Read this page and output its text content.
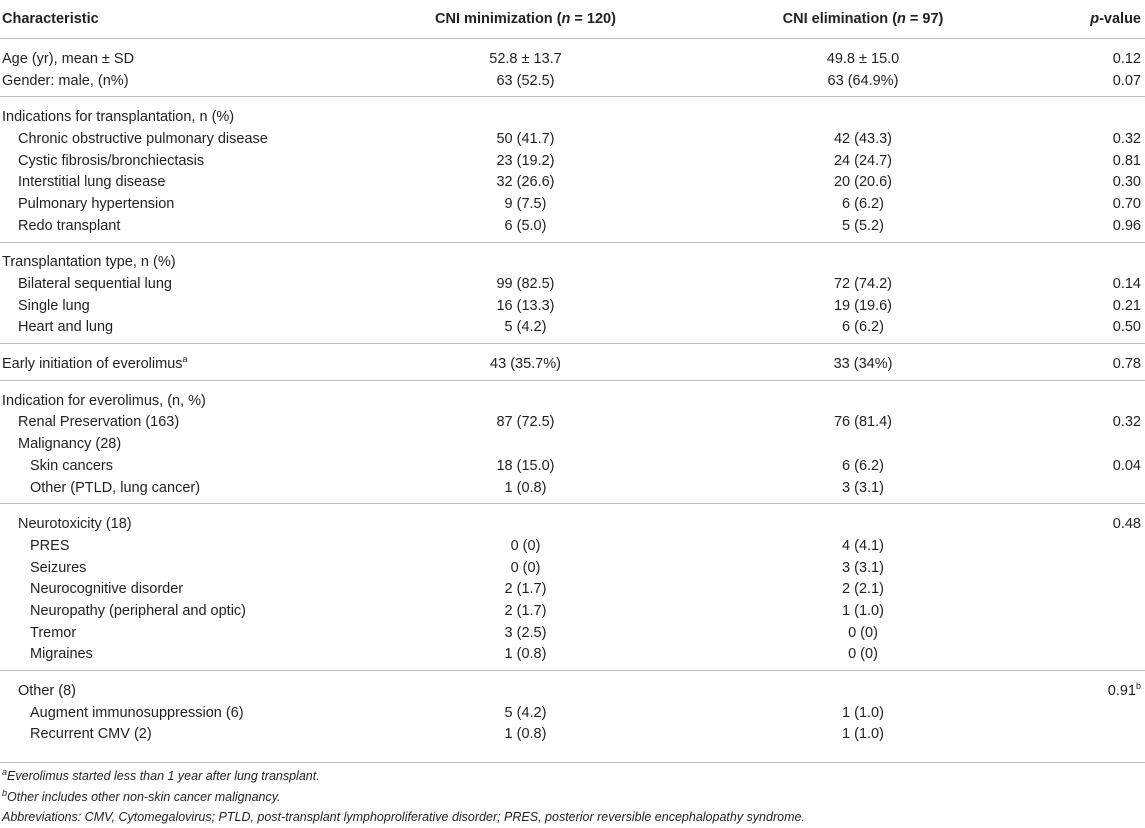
Characteristic	CNI minimization (n = 120)	CNI elimination (n = 97)	p-value
Age (yr), mean ± SD	52.8 ± 13.7	49.8 ± 15.0	0.12
Gender: male, (n%)	63 (52.5)	63 (64.9%)	0.07
Indications for transplantation, n (%)			
Chronic obstructive pulmonary disease	50 (41.7)	42 (43.3)	0.32
Cystic fibrosis/bronchiectasis	23 (19.2)	24 (24.7)	0.81
Interstitial lung disease	32 (26.6)	20 (20.6)	0.30
Pulmonary hypertension	9 (7.5)	6 (6.2)	0.70
Redo transplant	6 (5.0)	5 (5.2)	0.96
Transplantation type, n (%)			
Bilateral sequential lung	99 (82.5)	72 (74.2)	0.14
Single lung	16 (13.3)	19 (19.6)	0.21
Heart and lung	5 (4.2)	6 (6.2)	0.50
Early initiation of everolimus$^a$	43 (35.7%)	33 (34%)	0.78
Indication for everolimus, (n, %)			
Renal Preservation (163)	87 (72.5)	76 (81.4)	0.32
Malignancy (28)			
Skin cancers	18 (15.0)	6 (6.2)	0.04
Other (PTLD, lung cancer)	1 (0.8)	3 (3.1)	
Neurotoxicity (18)			0.48
PRES	0 (0)	4 (4.1)	
Seizures	0 (0)	3 (3.1)	
Neurocognitive disorder	2 (1.7)	2 (2.1)	
Neuropathy (peripheral and optic)	2 (1.7)	1 (1.0)	
Tremor	3 (2.5)	0 (0)	
Migraines	1 (0.8)	0 (0)	
Other (8)			0.91$^b$
Augment immunosuppression (6)	5 (4.2)	1 (1.0)	
Recurrent CMV (2)	1 (0.8)	1 (1.0)	
$^a$Everolimus started less than 1 year after lung transplant.
$^b$Other includes other non-skin cancer malignancy.
Abbreviations: CMV, Cytomegalovirus; PTLD, post-transplant lymphoproliferative disorder; PRES, posterior reversible encephalopathy syndrome.
